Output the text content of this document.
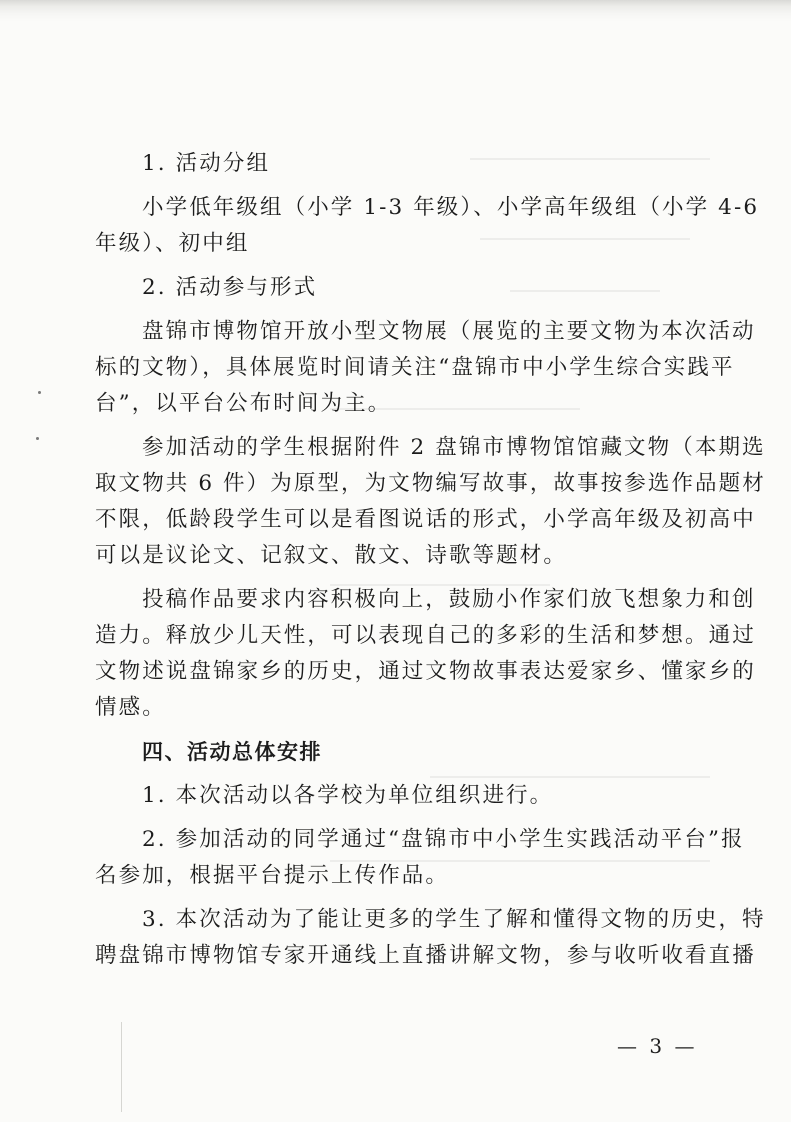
1. 活动分组
小学低年级组（小学 1-3 年级）、小学高年级组（小学 4-6
年级）、初中组
2. 活动参与形式
盘锦市博物馆开放小型文物展（展览的主要文物为本次活动
标的文物），具体展览时间请关注“盘锦市中小学生综合实践平
台”，以平台公布时间为主。
参加活动的学生根据附件 2 盘锦市博物馆馆藏文物（本期选
取文物共 6 件）为原型，为文物编写故事，故事按参选作品题材
不限，低龄段学生可以是看图说话的形式，小学高年级及初高中
可以是议论文、记叙文、散文、诗歌等题材。
投稿作品要求内容积极向上，鼓励小作家们放飞想象力和创
造力。释放少儿天性，可以表现自己的多彩的生活和梦想。通过
文物述说盘锦家乡的历史，通过文物故事表达爱家乡、懂家乡的
情感。
四、活动总体安排
1. 本次活动以各学校为单位组织进行。
2. 参加活动的同学通过“盘锦市中小学生实践活动平台”报
名参加，根据平台提示上传作品。
3. 本次活动为了能让更多的学生了解和懂得文物的历史，特
聘盘锦市博物馆专家开通线上直播讲解文物，参与收听收看直播
— 3 —
